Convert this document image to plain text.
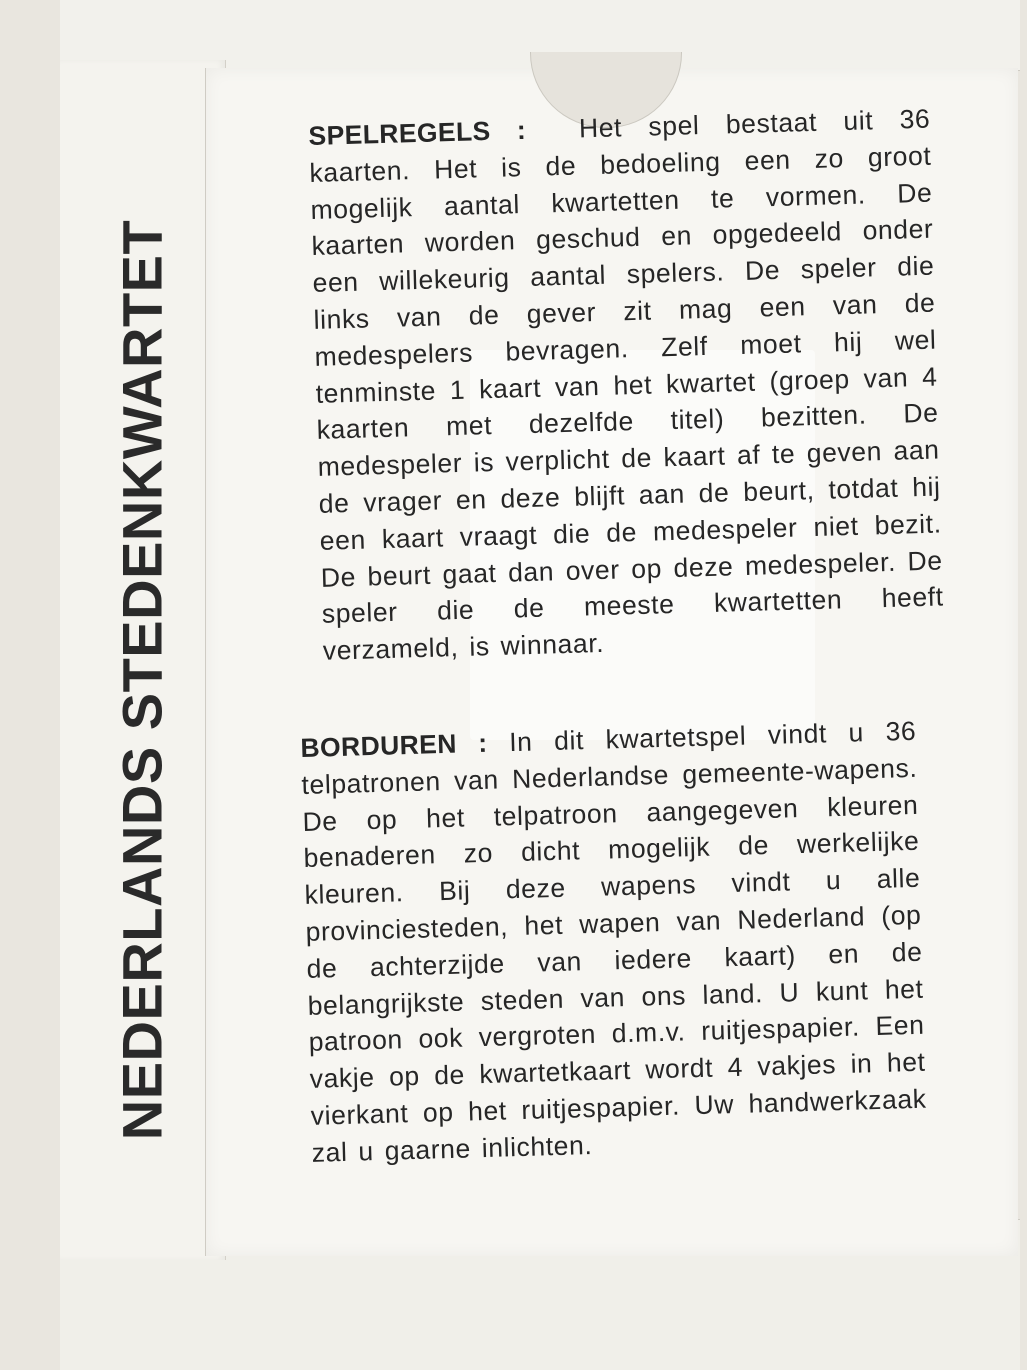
NEDERLANDS STEDENKWARTET

SPELREGELS : Het spel bestaat uit 36 kaarten. Het is de bedoeling een zo groot mogelijk aantal kwartetten te vormen. De kaarten worden geschud en opgedeeld onder een willekeurig aantal spelers. De speler die links van de gever zit mag een van de medespelers bevragen. Zelf moet hij wel tenminste 1 kaart van het kwartet (groep van 4 kaarten met dezelfde titel) bezitten. De medespeler is verplicht de kaart af te geven aan de vrager en deze blijft aan de beurt, totdat hij een kaart vraagt die de medespeler niet bezit. De beurt gaat dan over op deze medespeler. De speler die de meeste kwartetten heeft verzameld, is winnaar.

BORDUREN : In dit kwartetspel vindt u 36 telpatronen van Nederlandse gemeente-wapens. De op het telpatroon aangegeven kleuren benaderen zo dicht mogelijk de werkelijke kleuren. Bij deze wapens vindt u alle provinciesteden, het wapen van Nederland (op de achterzijde van iedere kaart) en de belangrijkste steden van ons land. U kunt het patroon ook vergroten d.m.v. ruitjespapier. Een vakje op de kwartetkaart wordt 4 vakjes in het vierkant op het ruitjespapier. Uw handwerkzaak zal u gaarne inlichten.
